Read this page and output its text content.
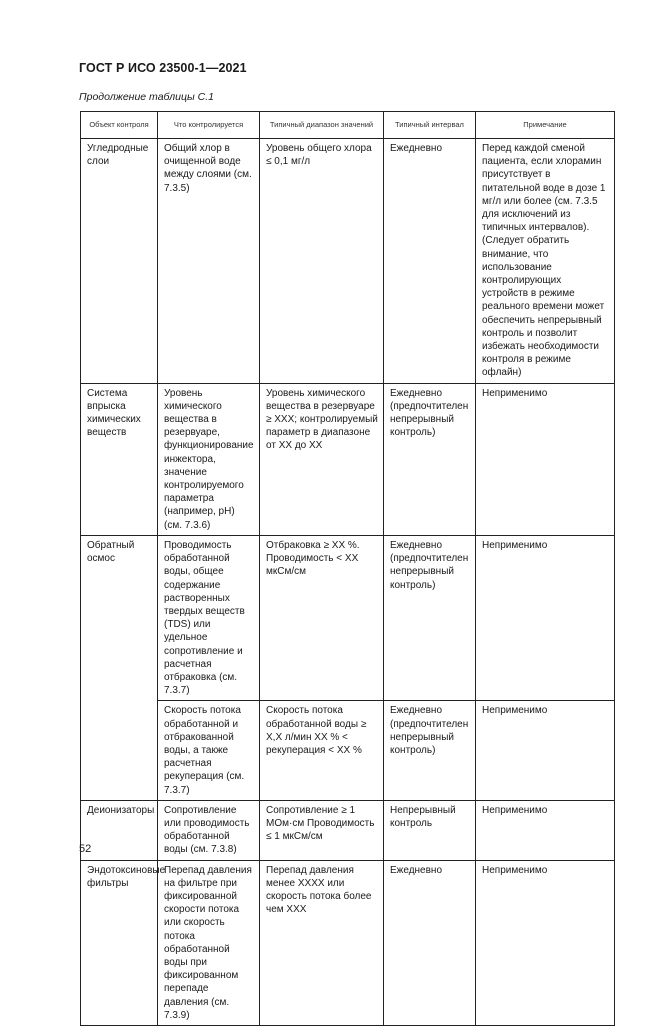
ГОСТ Р ИСО 23500-1—2021
Продолжение таблицы С.1
Объект контроля	Что контролируется	Типичный диапазон значений	Типичный интервал	Примечание
Угледродные слои	Общий хлор в очищенной воде между слоями (см. 7.3.5)	Уровень общего хлора ≤ 0,1 мг/л	Ежедневно	Перед каждой сменой пациента, если хлорамин присутствует в питательной воде в дозе 1 мг/л или более (см. 7.3.5 для исключений из типичных интервалов). (Следует обратить внимание, что использование контролирующих устройств в режиме реального времени может обеспечить непрерывный контроль и позволит избежать необходимости контроля в режиме офлайн)
Система впрыска химических веществ	Уровень химического вещества в резервуаре, функционирование инжектора, значение контролируемого параметра (например, рН) (см. 7.3.6)	Уровень химического вещества в резервуаре ≥ ХХХ; контролируемый параметр в диапазоне от ХХ до ХХ	Ежедневно (предпочтителен непрерывный контроль)	Неприменимо
Обратный осмос	Проводимость обработанной воды, общее содержание растворенных твердых веществ (TDS) или удельное сопротивление и расчетная отбраковка (см. 7.3.7)	Отбраковка ≥ ХХ %. Проводимость < ХХ мкСм/см	Ежедневно (предпочтителен непрерывный контроль)	Неприменимо
	Скорость потока обработанной и отбракованной воды, а также расчетная рекуперация (см. 7.3.7)	Скорость потока обработанной воды ≥ Х,Х л/мин ХХ % < рекуперация < ХХ %	Ежедневно (предпочтителен непрерывный контроль)	Неприменимо
Деионизаторы	Сопротивление или проводимость обработанной воды (см. 7.3.8)	Сопротивление ≥ 1 МОм·см Проводимость ≤ 1 мкСм/см	Непрерывный контроль	Неприменимо
Эндотоксиновые фильтры	Перепад давления на фильтре при фиксированной скорости потока или скорость потока обработанной воды при фиксированном перепаде давления (см. 7.3.9)	Перепад давления менее ХХХХ или скорость потока более чем ХХХ	Ежедневно	Неприменимо
52
